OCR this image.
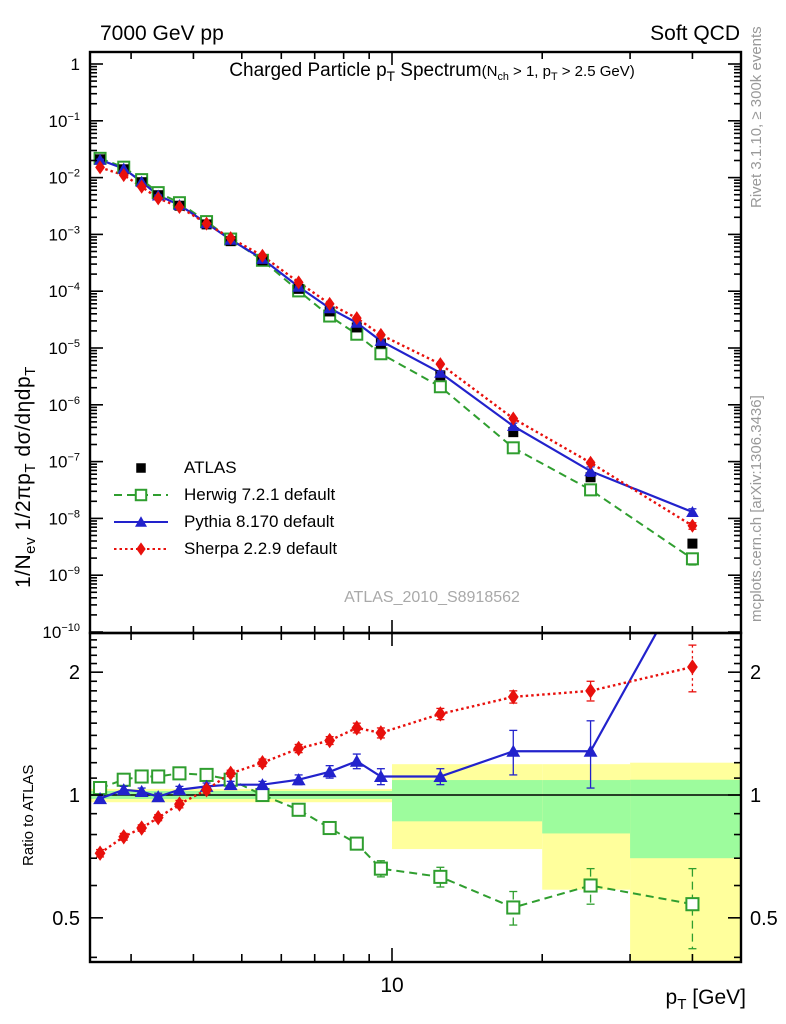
1
$10^{-1}$
$10^{-2}$
$10^{-3}$
$10^{-4}$
$10^{-5}$
$10^{-6}$
$10^{-7}$
$10^{-8}$
$10^{-9}$
$10^{-10}$
2	2
1	1
0.5	0.5
10
7000 GeV pp	Soft QCD
Charged Particle $p_T$ $Spectrum(N_{ch} > 1$, $p_T > 2.5$ GeV)
$1/N_{ev}$ $1/2\pi p_T$ dσ/dηdp$_T$
Ratio to ATLAS
Rivet 3.1.10, ≥ 300k events
mcplots.cern.ch [arXiv:1306.3436]
ATLAS_2010_S8918562
$p_T$ [GeV]
ATLAS
Herwig 7.2.1 default
Pythia 8.170 default
Sherpa 2.2.9 default
